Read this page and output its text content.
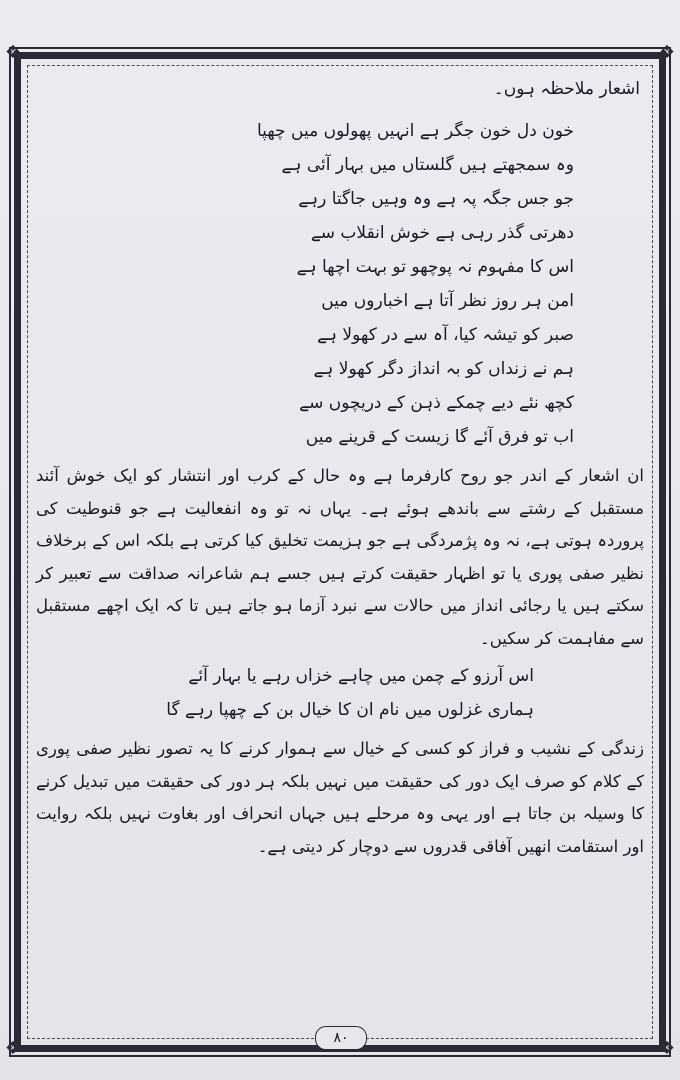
❖	❖
❖	❖
اشعار ملاحظہ ہوں۔
خون دل خون جگر ہے انہیں پھولوں میں چھپا
وہ سمجھتے ہیں گلستاں میں بہار آئی ہے
جو جس جگہ پہ ہے وہ وہیں جاگتا رہے
دھرتی گذر رہی ہے خوش انقلاب سے
اس کا مفہوم نہ پوچھو تو بہت اچھا ہے
امن ہر روز نظر آتا ہے اخباروں میں
صبر کو تیشہ کیا، آہ سے در کھولا ہے
ہم نے زنداں کو بہ انداز دگر کھولا ہے
کچھ نئے دیے چمکے ذہن کے دریچوں سے
اب تو فرق آئے گا زیست کے قرینے میں

ان اشعار کے اندر جو روح کارفرما ہے وہ حال کے کرب اور انتشار کو ایک خوش آئند مستقبل کے رشتے سے باندھے ہوئے ہے۔ یہاں نہ تو وہ انفعالیت ہے جو قنوطیت کی پروردہ ہوتی ہے، نہ وہ پژمردگی ہے جو ہزیمت تخلیق کیا کرتی ہے بلکہ اس کے برخلاف نظیر صفی پوری یا تو اظہار حقیقت کرتے ہیں جسے ہم شاعرانہ صداقت سے تعبیر کر سکتے ہیں یا رجائی انداز میں حالات سے نبرد آزما ہو جاتے ہیں تا کہ ایک اچھے مستقبل سے مفاہمت کر سکیں۔

اس آرزو کے چمن میں چاہے خزاں رہے یا بہار آئے
ہماری غزلوں میں نام ان کا خیال بن کے چھپا رہے گا

زندگی کے نشیب و فراز کو کسی کے خیال سے ہموار کرنے کا یہ تصور نظیر صفی پوری کے کلام کو صرف ایک دور کی حقیقت میں نہیں بلکہ ہر دور کی حقیقت میں تبدیل کرنے کا وسیلہ بن جاتا ہے اور یہی وہ مرحلے ہیں جہاں انحراف اور بغاوت نہیں بلکہ روایت اور استقامت انھیں آفاقی قدروں سے دوچار کر دیتی ہے۔

۸۰
